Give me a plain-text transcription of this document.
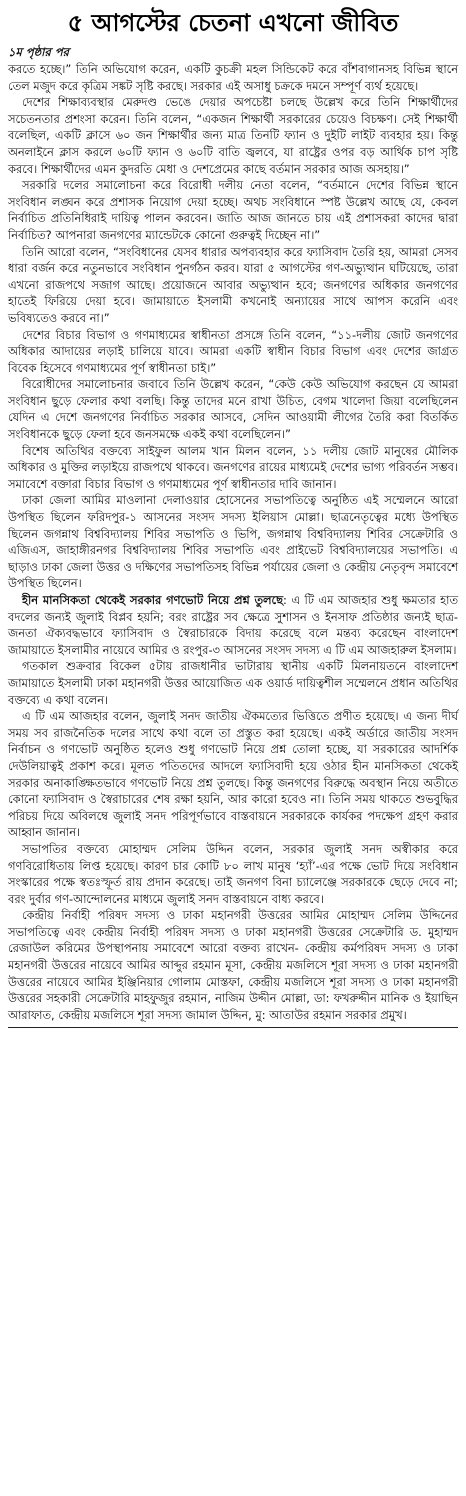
৫ আগস্টের চেতনা এখনো জীবিত
১ম পৃষ্ঠার পর

করতে হচ্ছে।” তিনি অভিযোগ করেন, একটি কুচক্রী মহল সিন্ডিকেট করে বাঁশবাগানসহ বিভিন্ন স্থানে তেল মজুদ করে কৃত্রিম সঙ্কট সৃষ্টি করছে। সরকার এই অসাধু চক্রকে দমনে সম্পূর্ণ ব্যর্থ হয়েছে।

দেশের শিক্ষাব্যবস্থার মেরুদণ্ড ভেঙে দেয়ার অপচেষ্টা চলছে উল্লেখ করে তিনি শিক্ষার্থীদের সচেতনতার প্রশংসা করেন। তিনি বলেন, “একজন শিক্ষার্থী সরকারের চেয়েও বিচক্ষণ। সেই শিক্ষার্থী বলেছিল, একটি ক্লাসে ৬০ জন শিক্ষার্থীর জন্য মাত্র তিনটি ফ্যান ও দুইটি লাইট ব্যবহার হয়। কিন্তু অনলাইনে ক্লাস করলে ৬০টি ফ্যান ও ৬০টি বাতি জ্বলবে, যা রাষ্ট্রের ওপর বড় আর্থিক চাপ সৃষ্টি করবে। শিক্ষার্থীদের এমন কুদরতি মেধা ও দেশপ্রেমের কাছে বর্তমান সরকার আজ অসহায়।”

সরকারি দলের সমালোচনা করে বিরোধী দলীয় নেতা বলেন, “বর্তমানে দেশের বিভিন্ন স্থানে সংবিধান লঙ্ঘন করে প্রশাসক নিয়োগ দেয়া হচ্ছে। অথচ সংবিধানে স্পষ্ট উল্লেখ আছে যে, কেবল নির্বাচিত প্রতিনিধিরাই দায়িত্ব পালন করবেন। জাতি আজ জানতে চায় এই প্রশাসকরা কাদের দ্বারা নির্বাচিত? আপনারা জনগণের ম্যান্ডেটকে কোনো গুরুত্বই দিচ্ছেন না।”

তিনি আরো বলেন, “সংবিধানের যেসব ধারার অপব্যবহার করে ফ্যাসিবাদ তৈরি হয়, আমরা সেসব ধারা বর্জন করে নতুনভাবে সংবিধান পুনর্গঠন করব। যারা ৫ আগস্টের গণ-অভ্যুত্থান ঘটিয়েছে, তারা এখনো রাজপথে সজাগ আছে। প্রয়োজনে আবার অভ্যুত্থান হবে; জনগণের অধিকার জনগণের হাতেই ফিরিয়ে দেয়া হবে। জামায়াতে ইসলামী কখনোই অন্যায়ের সাথে আপস করেনি এবং ভবিষ্যতেও করবে না।”

দেশের বিচার বিভাগ ও গণমাধ্যমের স্বাধীনতা প্রসঙ্গে তিনি বলেন, “১১-দলীয় জোট জনগণের অধিকার আদায়ের লড়াই চালিয়ে যাবে। আমরা একটি স্বাধীন বিচার বিভাগ এবং দেশের জাগ্রত বিবেক হিসেবে গণমাধ্যমের পূর্ণ স্বাধীনতা চাই।”

বিরোধীদের সমালোচনার জবাবে তিনি উল্লেখ করেন, “কেউ কেউ অভিযোগ করছেন যে আমরা সংবিধান ছুড়ে ফেলার কথা বলছি। কিন্তু তাদের মনে রাখা উচিত, বেগম খালেদা জিয়া বলেছিলেন যেদিন এ দেশে জনগণের নির্বাচিত সরকার আসবে, সেদিন আওয়ামী লীগের তৈরি করা বিতর্কিত সংবিধানকে ছুড়ে ফেলা হবে জনসমক্ষে একই কথা বলেছিলেন।”

বিশেষ অতিথির বক্তব্যে সাইফুল আলম খান মিলন বলেন, ১১ দলীয় জোট মানুষের মৌলিক অধিকার ও মুক্তির লড়াইয়ে রাজপথে থাকবে। জনগণের রায়ের মাধ্যমেই দেশের ভাগ্য পরিবর্তন সম্ভব। সমাবেশে বক্তারা বিচার বিভাগ ও গণমাধ্যমের পূর্ণ স্বাধীনতার দাবি জানান।

ঢাকা জেলা আমির মাওলানা দেলাওয়ার হোসেনের সভাপতিত্বে অনুষ্ঠিত এই সম্মেলনে আরো উপস্থিত ছিলেন ফরিদপুর-১ আসনের সংসদ সদস্য ইলিয়াস মোল্লা। ছাত্রনেতৃত্বের মধ্যে উপস্থিত ছিলেন জগন্নাথ বিশ্ববিদ্যালয় শিবির সভাপতি ও ভিপি, জগন্নাথ বিশ্ববিদ্যালয় শিবির সেক্রেটারি ও এজিএস, জাহাঙ্গীরনগর বিশ্ববিদ্যালয় শিবির সভাপতি এবং প্রাইভেট বিশ্ববিদ্যালয়ের সভাপতি। এ ছাড়াও ঢাকা জেলা উত্তর ও দক্ষিণের সভাপতিসহ বিভিন্ন পর্যায়ের জেলা ও কেন্দ্রীয় নেতৃবৃন্দ সমাবেশে উপস্থিত ছিলেন।

হীন মানসিকতা থেকেই সরকার গণভোট নিয়ে প্রশ্ন তুলছে: এ টি এম আজহার শুধু ক্ষমতার হাত বদলের জন্যই জুলাই বিপ্লব হয়নি; বরং রাষ্ট্রের সব ক্ষেত্রে সুশাসন ও ইনসাফ প্রতিষ্ঠার জন্যই ছাত্র-জনতা ঐক্যবদ্ধভাবে ফ্যাসিবাদ ও স্বৈরাচারকে বিদায় করেছে বলে মন্তব্য করেছেন বাংলাদেশ জামায়াতে ইসলামীর নায়েবে আমির ও রংপুর-৩ আসনের সংসদ সদস্য এ টি এম আজহারুল ইসলাম।

গতকাল শুক্রবার বিকেল ৫টায় রাজধানীর ভাটারায় স্থানীয় একটি মিলনায়তনে বাংলাদেশ জামায়াতে ইসলামী ঢাকা মহানগরী উত্তর আয়োজিত এক ওয়ার্ড দায়িত্বশীল সম্মেলনে প্রধান অতিথির বক্তব্যে এ কথা বলেন।

এ টি এম আজহার বলেন, জুলাই সনদ জাতীয় ঐকমত্যের ভিত্তিতে প্রণীত হয়েছে। এ জন্য দীর্ঘ সময় সব রাজনৈতিক দলের সাথে কথা বলে তা প্রস্তুত করা হয়েছে। একই অর্ডারে জাতীয় সংসদ নির্বাচন ও গণভোট অনুষ্ঠিত হলেও শুধু গণভোট নিয়ে প্রশ্ন তোলা হচ্ছে, যা সরকারের আদর্শিক দেউলিয়াত্বই প্রকাশ করে। মূলত পতিতদের আদলে ফ্যাসিবাদী হয়ে ওঠার হীন মানসিকতা থেকেই সরকার অনাকাঙ্ক্ষিতভাবে গণভোট নিয়ে প্রশ্ন তুলছে। কিন্তু জনগণের বিরুদ্ধে অবস্থান নিয়ে অতীতে কোনো ফ্যাসিবাদ ও স্বৈরাচারের শেষ রক্ষা হয়নি, আর কারো হবেও না। তিনি সময় থাকতে শুভবুদ্ধির পরিচয় দিয়ে অবিলম্বে জুলাই সনদ পরিপূর্ণভাবে বাস্তবায়নে সরকারকে কার্যকর পদক্ষেপ গ্রহণ করার আহ্বান জানান।

সভাপতির বক্তব্যে মোহাম্মদ সেলিম উদ্দিন বলেন, সরকার জুলাই সনদ অস্বীকার করে গণবিরোধিতায় লিপ্ত হয়েছে। কারণ চার কোটি ৮০ লাখ মানুষ ‘হ্যাঁ’-এর পক্ষে ভোট দিয়ে সংবিধান সংস্কারের পক্ষে স্বতঃস্ফূর্ত রায় প্রদান করেছে। তাই জনগণ বিনা চ্যালেঞ্জে সরকারকে ছেড়ে দেবে না; বরং দুর্বার গণ-আন্দোলনের মাধ্যমে জুলাই সনদ বাস্তবায়নে বাধ্য করবে।

কেন্দ্রীয় নির্বাহী পরিষদ সদস্য ও ঢাকা মহানগরী উত্তরের আমির মোহাম্মদ সেলিম উদ্দিনের সভাপতিত্বে এবং কেন্দ্রীয় নির্বাহী পরিষদ সদস্য ও ঢাকা মহানগরী উত্তরের সেক্রেটারি ড. মুহাম্মদ রেজাউল করিমের উপস্থাপনায় সমাবেশে আরো বক্তব্য রাখেন- কেন্দ্রীয় কর্মপরিষদ সদস্য ও ঢাকা মহানগরী উত্তরের নায়েবে আমির আব্দুর রহমান মূসা, কেন্দ্রীয় মজলিসে শূরা সদস্য ও ঢাকা মহানগরী উত্তরের নায়েবে আমির ইঞ্জিনিয়ার গোলাম মোস্তফা, কেন্দ্রীয় মজলিসে শূরা সদস্য ও ঢাকা মহানগরী উত্তরের সহকারী সেক্রেটারি মাহফুজুর রহমান, নাজিম উদ্দীন মোল্লা, ডা: ফখরুদ্দীন মানিক ও ইয়াছিন আরাফাত, কেন্দ্রীয় মজলিসে শূরা সদস্য জামাল উদ্দিন, মু: আতাউর রহমান সরকার প্রমুখ।
